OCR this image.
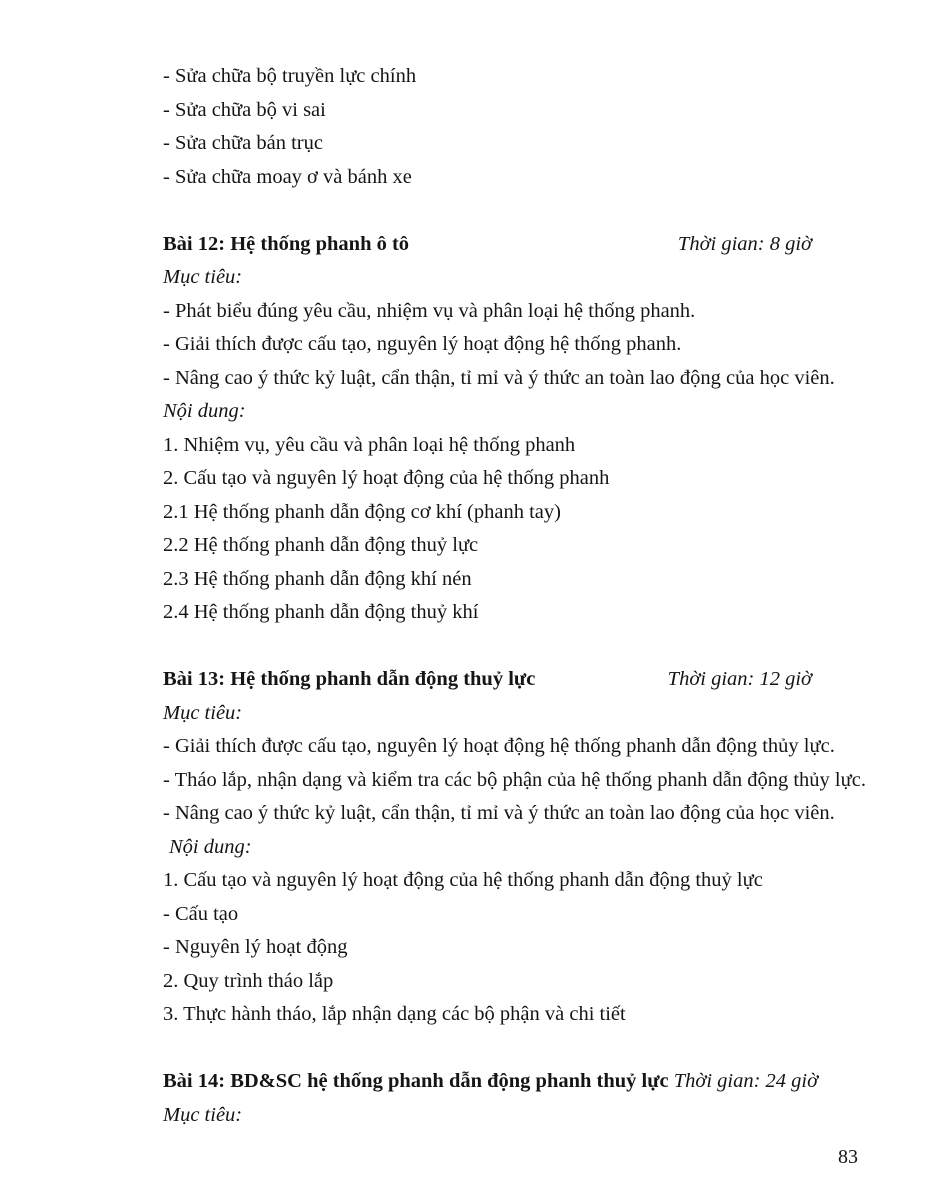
- Sửa chữa bộ truyền lực chính
- Sửa chữa bộ vi sai
- Sửa chữa bán trục
- Sửa chữa moay ơ và bánh xe
Bài 12: Hệ thống phanh ô tô	Thời gian: 8 giờ
Mục tiêu:
- Phát biểu đúng yêu cầu, nhiệm vụ và phân loại hệ thống phanh.
- Giải thích được cấu tạo, nguyên lý hoạt động hệ thống phanh.
- Nâng cao ý thức kỷ luật, cẩn thận, tỉ mỉ và ý thức an toàn lao động của học viên.
Nội dung:
1. Nhiệm vụ, yêu cầu và phân loại hệ thống phanh
2. Cấu tạo và nguyên lý hoạt động của hệ thống phanh
2.1 Hệ thống phanh dẫn động cơ khí (phanh tay)
2.2 Hệ thống phanh dẫn động thuỷ lực
2.3 Hệ thống phanh dẫn động khí nén
2.4 Hệ thống phanh dẫn động thuỷ khí
Bài 13: Hệ thống phanh dẫn động thuỷ lực	Thời gian: 12 giờ
Mục tiêu:
- Giải thích được cấu tạo, nguyên lý hoạt động hệ thống phanh dẫn động thủy lực.
- Tháo lắp, nhận dạng và kiểm tra các bộ phận của hệ thống phanh dẫn động thủy lực.
- Nâng cao ý thức kỷ luật, cẩn thận, tỉ mỉ và ý thức an toàn lao động của học viên.
Nội dung:
1. Cấu tạo và nguyên lý hoạt động của hệ thống phanh dẫn động thuỷ lực
- Cấu tạo
- Nguyên lý hoạt động
2. Quy trình tháo lắp
3. Thực hành tháo, lắp nhận dạng các bộ phận và chi tiết
Bài 14: BD&SC hệ thống phanh dẫn động phanh thuỷ lực Thời gian: 24 giờ
Mục tiêu:
83
